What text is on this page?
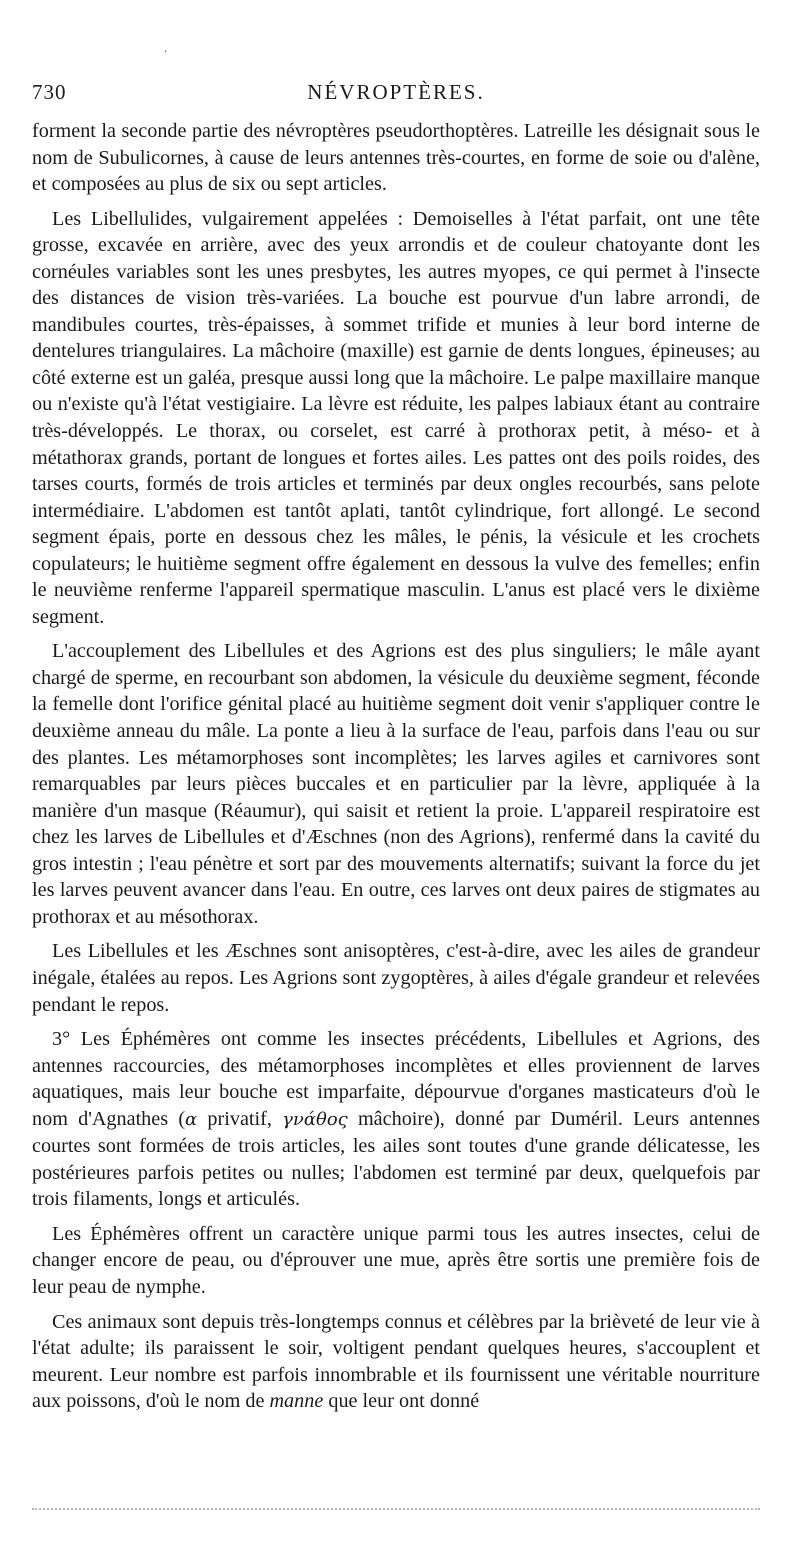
∙
730	NÉVROPTÈRES.

forment la seconde partie des névroptères pseudorthoptères. Latreille les désignait sous le nom de Subulicornes, à cause de leurs antennes très-courtes, en forme de soie ou d'alène, et composées au plus de six ou sept articles.

Les Libellulides, vulgairement appelées : Demoiselles à l'état parfait, ont une tête grosse, excavée en arrière, avec des yeux arrondis et de couleur chatoyante dont les cornéules variables sont les unes presbytes, les autres myopes, ce qui permet à l'insecte des distances de vision très-variées. La bouche est pourvue d'un labre arrondi, de mandibules courtes, très-épaisses, à sommet trifide et munies à leur bord interne de dentelures triangulaires. La mâchoire (maxille) est garnie de dents longues, épineuses; au côté externe est un galéa, presque aussi long que la mâchoire. Le palpe maxillaire manque ou n'existe qu'à l'état vestigiaire. La lèvre est réduite, les palpes labiaux étant au contraire très-développés. Le thorax, ou corselet, est carré à prothorax petit, à méso- et à métathorax grands, portant de longues et fortes ailes. Les pattes ont des poils roides, des tarses courts, formés de trois articles et terminés par deux ongles recourbés, sans pelote intermédiaire. L'abdomen est tantôt aplati, tantôt cylindrique, fort allongé. Le second segment épais, porte en dessous chez les mâles, le pénis, la vésicule et les crochets copulateurs; le huitième segment offre également en dessous la vulve des femelles; enfin le neuvième renferme l'appareil spermatique masculin. L'anus est placé vers le dixième segment.

L'accouplement des Libellules et des Agrions est des plus singuliers; le mâle ayant chargé de sperme, en recourbant son abdomen, la vésicule du deuxième segment, féconde la femelle dont l'orifice génital placé au huitième segment doit venir s'appliquer contre le deuxième anneau du mâle. La ponte a lieu à la surface de l'eau, parfois dans l'eau ou sur des plantes. Les métamorphoses sont incomplètes; les larves agiles et carnivores sont remarquables par leurs pièces buccales et en particulier par la lèvre, appliquée à la manière d'un masque (Réaumur), qui saisit et retient la proie. L'appareil respiratoire est chez les larves de Libellules et d'Æschnes (non des Agrions), renfermé dans la cavité du gros intestin ; l'eau pénètre et sort par des mouvements alternatifs; suivant la force du jet les larves peuvent avancer dans l'eau. En outre, ces larves ont deux paires de stigmates au prothorax et au mésothorax.

Les Libellules et les Æschnes sont anisoptères, c'est-à-dire, avec les ailes de grandeur inégale, étalées au repos. Les Agrions sont zygoptères, à ailes d'égale grandeur et relevées pendant le repos.

3° Les Éphémères ont comme les insectes précédents, Libellules et Agrions, des antennes raccourcies, des métamorphoses incomplètes et elles proviennent de larves aquatiques, mais leur bouche est imparfaite, dépourvue d'organes masticateurs d'où le nom d'Agnathes (α privatif, γνάθος mâchoire), donné par Duméril. Leurs antennes courtes sont formées de trois articles, les ailes sont toutes d'une grande délicatesse, les postérieures parfois petites ou nulles; l'abdomen est terminé par deux, quelquefois par trois filaments, longs et articulés.

Les Éphémères offrent un caractère unique parmi tous les autres insectes, celui de changer encore de peau, ou d'éprouver une mue, après être sortis une première fois de leur peau de nymphe.

Ces animaux sont depuis très-longtemps connus et célèbres par la brièveté de leur vie à l'état adulte; ils paraissent le soir, voltigent pendant quelques heures, s'accouplent et meurent. Leur nombre est parfois innombrable et ils fournissent une véritable nourriture aux poissons, d'où le nom de manne que leur ont donné
